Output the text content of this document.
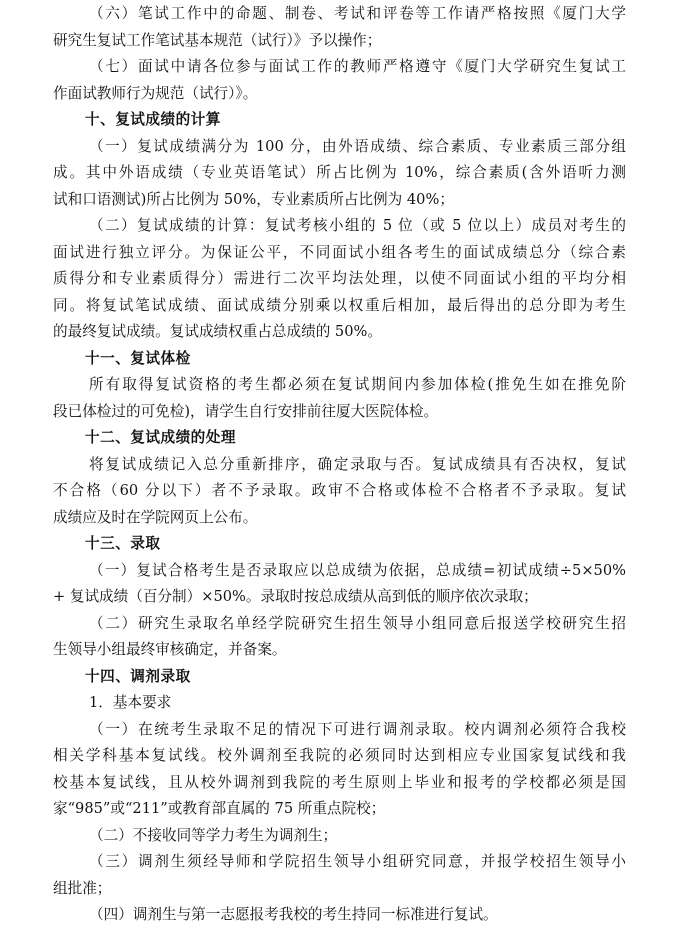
（六）笔试工作中的命题、制卷、考试和评卷等工作请严格按照《厦门大学
研究生复试工作笔试基本规范（试行）》予以操作；
（七）面试中请各位参与面试工作的教师严格遵守《厦门大学研究生复试工
作面试教师行为规范（试行）》。
十、复试成绩的计算
（一）复试成绩满分为 100 分，由外语成绩、综合素质、专业素质三部分组
成。其中外语成绩（专业英语笔试）所占比例为 10%，综合素质(含外语听力测
试和口语测试)所占比例为 50%，专业素质所占比例为 40%；
（二）复试成绩的计算：复试考核小组的 5 位（或 5 位以上）成员对考生的
面试进行独立评分。为保证公平，不同面试小组各考生的面试成绩总分（综合素
质得分和专业素质得分）需进行二次平均法处理，以使不同面试小组的平均分相
同。将复试笔试成绩、面试成绩分别乘以权重后相加，最后得出的总分即为考生
的最终复试成绩。复试成绩权重占总成绩的 50%。
十一、复试体检
所有取得复试资格的考生都必须在复试期间内参加体检(推免生如在推免阶
段已体检过的可免检)，请学生自行安排前往厦大医院体检。
十二、复试成绩的处理
将复试成绩记入总分重新排序，确定录取与否。复试成绩具有否决权，复试
不合格（60 分以下）者不予录取。政审不合格或体检不合格者不予录取。复试
成绩应及时在学院网页上公布。
十三、录取
（一）复试合格考生是否录取应以总成绩为依据，总成绩=初试成绩÷5×50%
+ 复试成绩（百分制）×50%。录取时按总成绩从高到低的顺序依次录取；
（二）研究生录取名单经学院研究生招生领导小组同意后报送学校研究生招
生领导小组最终审核确定，并备案。
十四、调剂录取
1．基本要求
（一）在统考生录取不足的情况下可进行调剂录取。校内调剂必须符合我校
相关学科基本复试线。校外调剂至我院的必须同时达到相应专业国家复试线和我
校基本复试线，且从校外调剂到我院的考生原则上毕业和报考的学校都必须是国
家“985”或“211”或教育部直属的 75 所重点院校；
（二）不接收同等学力考生为调剂生；
（三）调剂生须经导师和学院招生领导小组研究同意，并报学校招生领导小
组批准；
（四）调剂生与第一志愿报考我校的考生持同一标准进行复试。
